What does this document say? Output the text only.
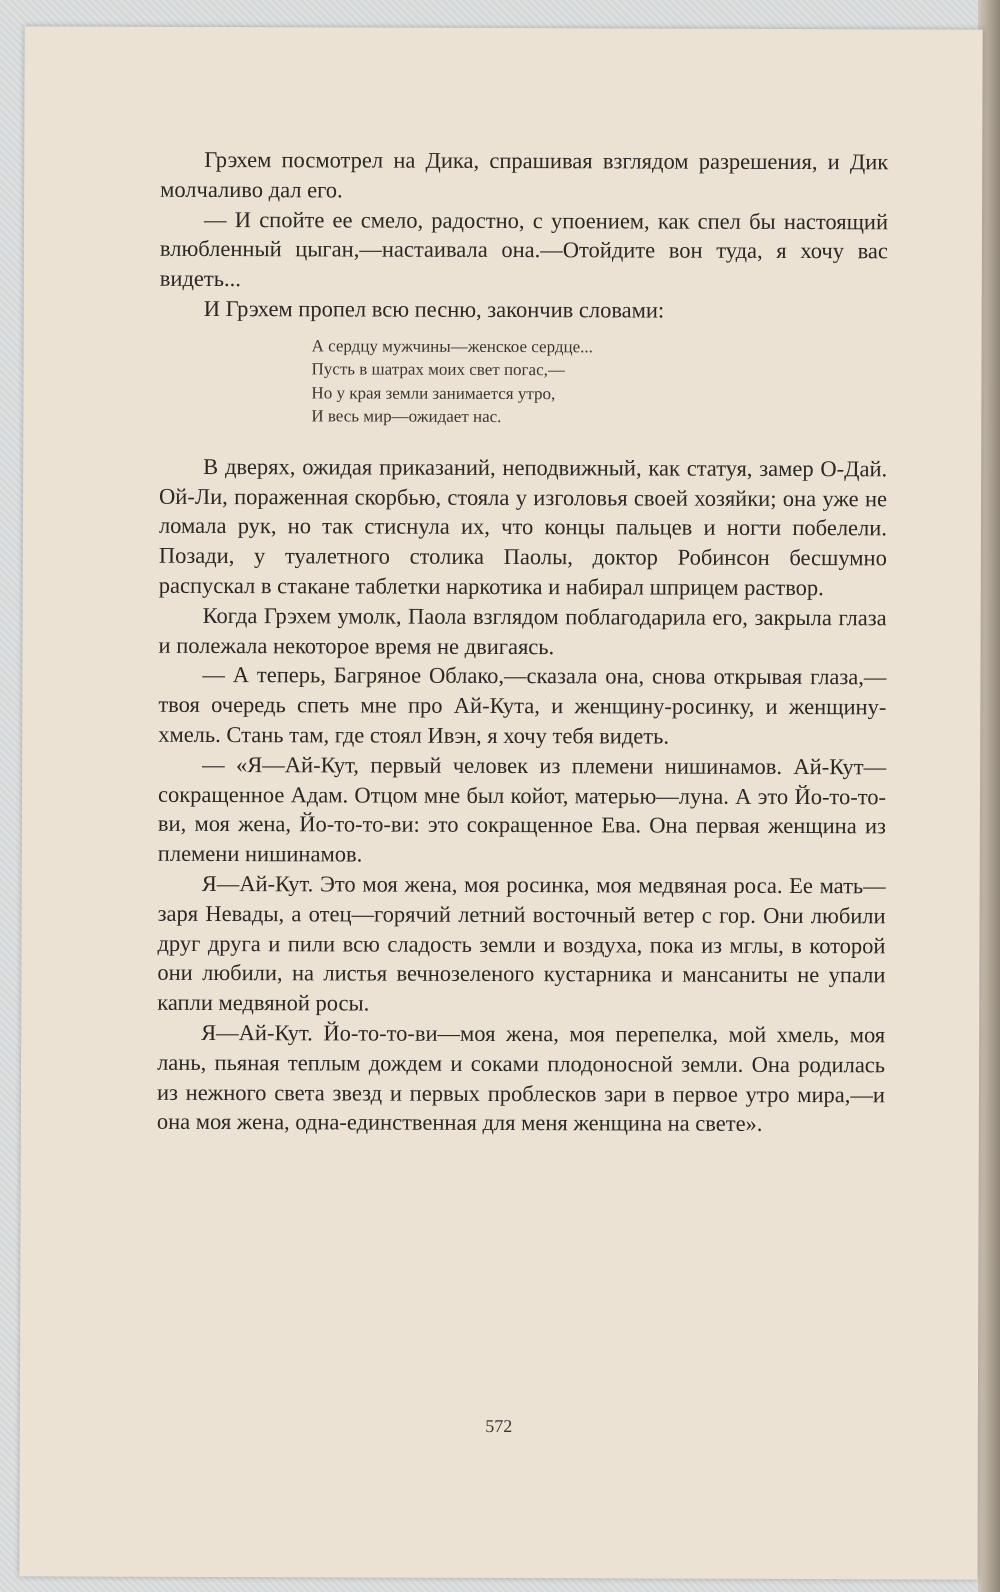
Грэхем посмотрел на Дика, спрашивая взглядом разрешения, и Дик молчаливо дал его.

— И спойте ее смело, радостно, с упоением, как спел бы настоящий влюбленный цыган,—настаивала она.—Отойдите вон туда, я хочу вас видеть...

И Грэхем пропел всю песню, закончив словами:

А сердцу мужчины—женское сердце...
Пусть в шатрах моих свет погас,—
Но у края земли занимается утро,
И весь мир—ожидает нас.

В дверях, ожидая приказаний, неподвижный, как статуя, замер О-Дай. Ой-Ли, пораженная скорбью, стояла у изголовья своей хозяйки; она уже не ломала рук, но так стиснула их, что концы пальцев и ногти побелели. Позади, у туалетного столика Паолы, доктор Робинсон бесшумно распускал в стакане таблетки наркотика и набирал шприцем раствор.

Когда Грэхем умолк, Паола взглядом поблагодарила его, закрыла глаза и полежала некоторое время не двигаясь.

— А теперь, Багряное Облако,—сказала она, снова открывая глаза,—твоя очередь спеть мне про Ай-Кута, и женщину-росинку, и женщину-хмель. Стань там, где стоял Ивэн, я хочу тебя видеть.

— «Я—Ай-Кут, первый человек из племени нишинамов. Ай-Кут—сокращенное Адам. Отцом мне был койот, матерью—луна. А это Йо-то-то-ви, моя жена, Йо-то-то-ви: это сокращенное Ева. Она первая женщина из племени нишинамов.

Я—Ай-Кут. Это моя жена, моя росинка, моя медвяная роса. Ее мать—заря Невады, а отец—горячий летний восточный ветер с гор. Они любили друг друга и пили всю сладость земли и воздуха, пока из мглы, в которой они любили, на листья вечнозеленого кустарника и мансаниты не упали капли медвяной росы.

Я—Ай-Кут. Йо-то-то-ви—моя жена, моя перепелка, мой хмель, моя лань, пьяная теплым дождем и соками плодоносной земли. Она родилась из нежного света звезд и первых проблесков зари в первое утро мира,—и она моя жена, одна-единственная для меня женщина на свете».

572
